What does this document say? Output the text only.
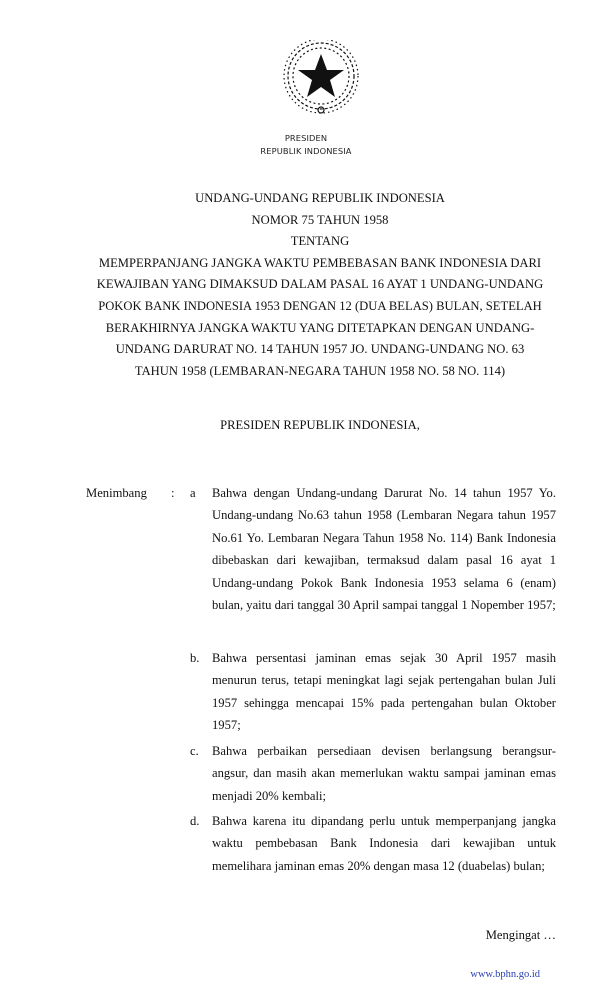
PRESIDEN
REPUBLIK INDONESIA
UNDANG-UNDANG REPUBLIK INDONESIA
NOMOR 75 TAHUN 1958
TENTANG
MEMPERPANJANG JANGKA WAKTU PEMBEBASAN BANK INDONESIA DARI
KEWAJIBAN YANG DIMAKSUD DALAM PASAL 16 AYAT 1 UNDANG-UNDANG
POKOK BANK INDONESIA 1953 DENGAN 12 (DUA BELAS) BULAN, SETELAH
BERAKHIRNYA JANGKA WAKTU YANG DITETAPKAN DENGAN UNDANG-
UNDANG DARURAT NO. 14 TAHUN 1957 JO. UNDANG-UNDANG NO. 63
TAHUN 1958 (LEMBARAN-NEGARA TAHUN 1958 NO. 58 NO. 114)
PRESIDEN REPUBLIK INDONESIA,
Menimbang : a Bahwa dengan Undang-undang Darurat No. 14 tahun 1957 Yo. Undang-undang No.63 tahun 1958 (Lembaran Negara tahun 1957 No.61 Yo. Lembaran Negara Tahun 1958 No. 114) Bank Indonesia dibebaskan dari kewajiban, termaksud dalam pasal 16 ayat 1 Undang-undang Pokok Bank Indonesia 1953 selama 6 (enam) bulan, yaitu dari tanggal 30 April sampai tanggal 1 Nopember 1957;
b. Bahwa persentasi jaminan emas sejak 30 April 1957 masih menurun terus, tetapi meningkat lagi sejak pertengahan bulan Juli 1957 sehingga mencapai 15% pada pertengahan bulan Oktober 1957;
c. Bahwa perbaikan persediaan devisen berlangsung berangsur-angsur, dan masih akan memerlukan waktu sampai jaminan emas menjadi 20% kembali;
d. Bahwa karena itu dipandang perlu untuk memperpanjang jangka waktu pembebasan Bank Indonesia dari kewajiban untuk memelihara jaminan emas 20% dengan masa 12 (duabelas) bulan;
Mengingat …
www.bphn.go.id
